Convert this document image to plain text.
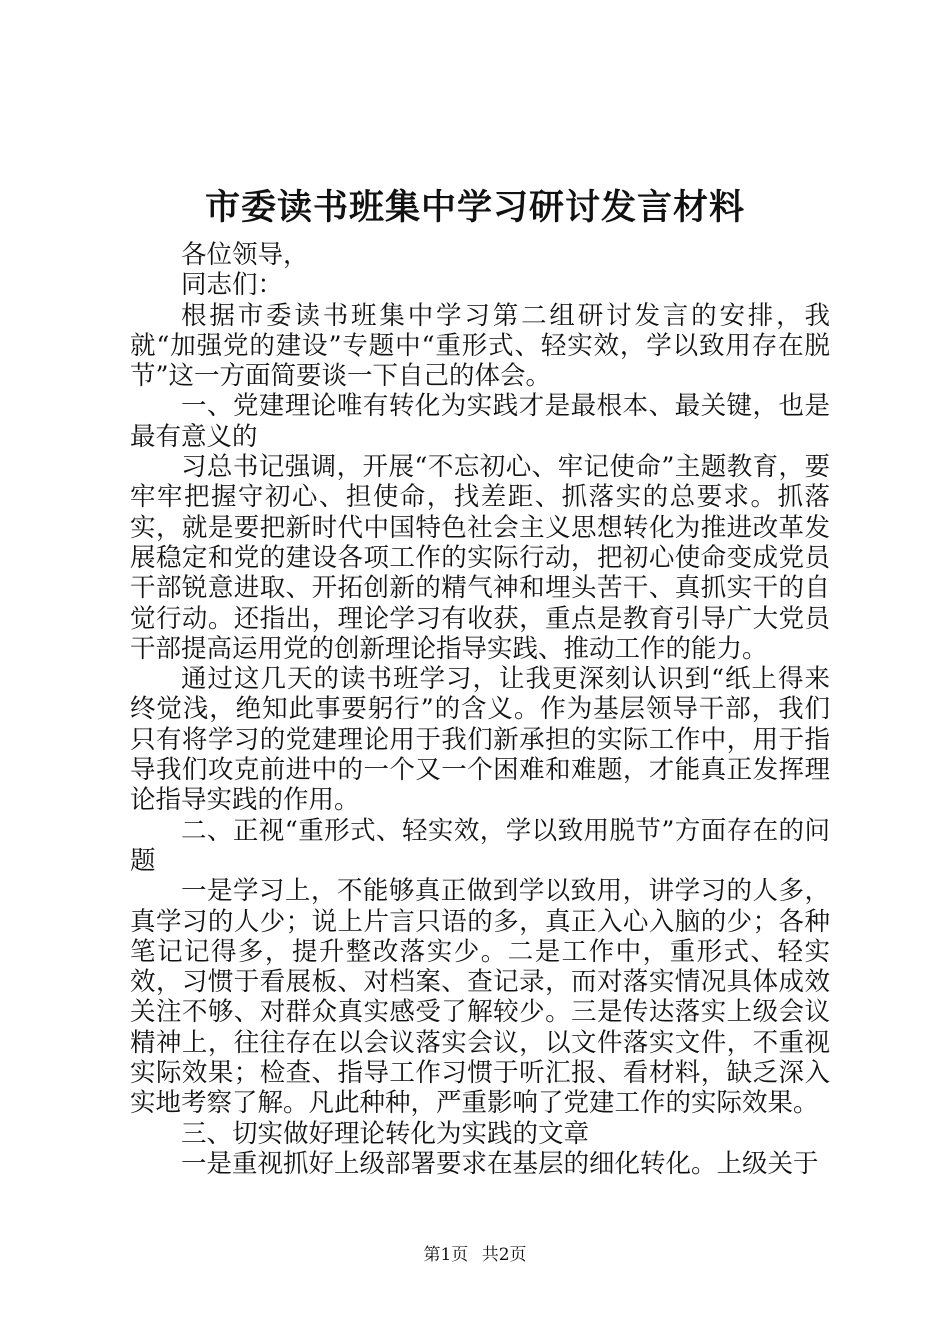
市委读书班集中学习研讨发言材料

各位领导，

同志们：

根据市委读书班集中学习第二组研讨发言的安排，我就“加强党的建设”专题中“重形式、轻实效，学以致用存在脱节”这一方面简要谈一下自己的体会。

一、党建理论唯有转化为实践才是最根本、最关键，也是最有意义的

习总书记强调，开展“不忘初心、牢记使命”主题教育，要牢牢把握守初心、担使命，找差距、抓落实的总要求。抓落实，就是要把新时代中国特色社会主义思想转化为推进改革发展稳定和党的建设各项工作的实际行动，把初心使命变成党员干部锐意进取、开拓创新的精气神和埋头苦干、真抓实干的自觉行动。还指出，理论学习有收获，重点是教育引导广大党员干部提高运用党的创新理论指导实践、推动工作的能力。

通过这几天的读书班学习，让我更深刻认识到“纸上得来终觉浅，绝知此事要躬行”的含义。作为基层领导干部，我们只有将学习的党建理论用于我们新承担的实际工作中，用于指导我们攻克前进中的一个又一个困难和难题，才能真正发挥理论指导实践的作用。

二、正视“重形式、轻实效，学以致用脱节”方面存在的问题

一是学习上，不能够真正做到学以致用，讲学习的人多，真学习的人少；说上片言只语的多，真正入心入脑的少；各种笔记记得多，提升整改落实少。二是工作中，重形式、轻实效，习惯于看展板、对档案、查记录，而对落实情况具体成效关注不够、对群众真实感受了解较少。三是传达落实上级会议精神上，往往存在以会议落实会议，以文件落实文件，不重视实际效果；检查、指导工作习惯于听汇报、看材料，缺乏深入实地考察了解。凡此种种，严重影响了党建工作的实际效果。

三、切实做好理论转化为实践的文章

一是重视抓好上级部署要求在基层的细化转化。上级关于

第1页 共2页
